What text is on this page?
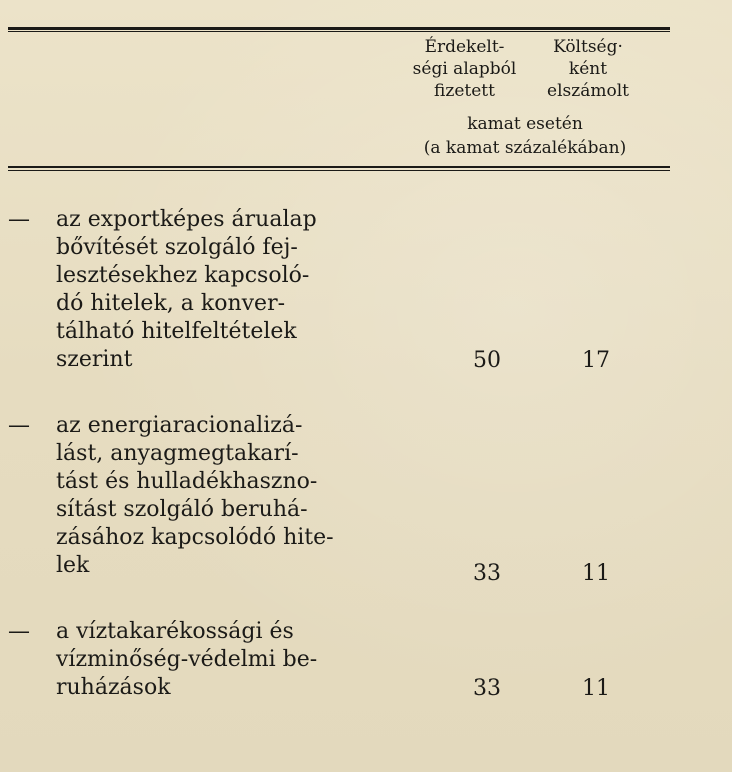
Érdekelt-
ségi alapból
fizetett
Költség·
ként
elszámolt
kamat esetén
(a kamat százalékában)
— az exportképes árualap
bővítését szolgáló fej-
lesztésekhez kapcsoló-
dó hitelek, a konver-
tálható hitelfeltételek
szerint	50	17
— az energiaracionalizá-
lást, anyagmegtakarí-
tást és hulladékhaszno-
sítást szolgáló beruhá-
zásához kapcsolódó hite-
lek	33	11
— a víztakarékossági és
vízminőség-védelmi be-
ruházások	33	11
